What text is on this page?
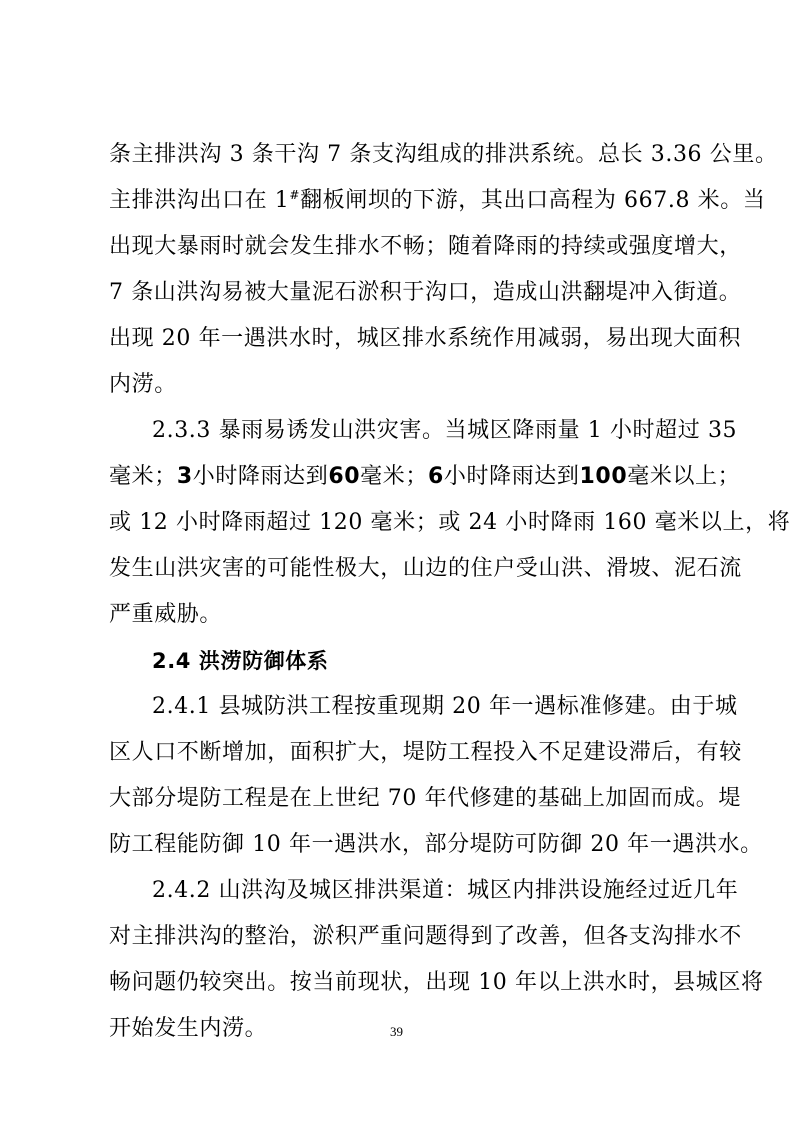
条主排洪沟 3 条干沟 7 条支沟组成的排洪系统。总长 3.36 公里。
主排洪沟出口在 1#翻板闸坝的下游，其出口高程为 667.8 米。当
出现大暴雨时就会发生排水不畅；随着降雨的持续或强度增大，
7 条山洪沟易被大量泥石淤积于沟口，造成山洪翻堤冲入街道。
出现 20 年一遇洪水时，城区排水系统作用减弱，易出现大面积
内涝。
2.3.3 暴雨易诱发山洪灾害。当城区降雨量 1 小时超过 35
毫米；3小时降雨达到60毫米；6小时降雨达到100毫米以上；
或 12 小时降雨超过 120 毫米；或 24 小时降雨 160 毫米以上，将
发生山洪灾害的可能性极大，山边的住户受山洪、滑坡、泥石流
严重威胁。
2.4 洪涝防御体系
2.4.1 县城防洪工程按重现期 20 年一遇标准修建。由于城
区人口不断增加，面积扩大，堤防工程投入不足建设滞后，有较
大部分堤防工程是在上世纪 70 年代修建的基础上加固而成。堤
防工程能防御 10 年一遇洪水，部分堤防可防御 20 年一遇洪水。
2.4.2 山洪沟及城区排洪渠道：城区内排洪设施经过近几年
对主排洪沟的整治，淤积严重问题得到了改善，但各支沟排水不
畅问题仍较突出。按当前现状，出现 10 年以上洪水时，县城区将
开始发生内涝。	39
